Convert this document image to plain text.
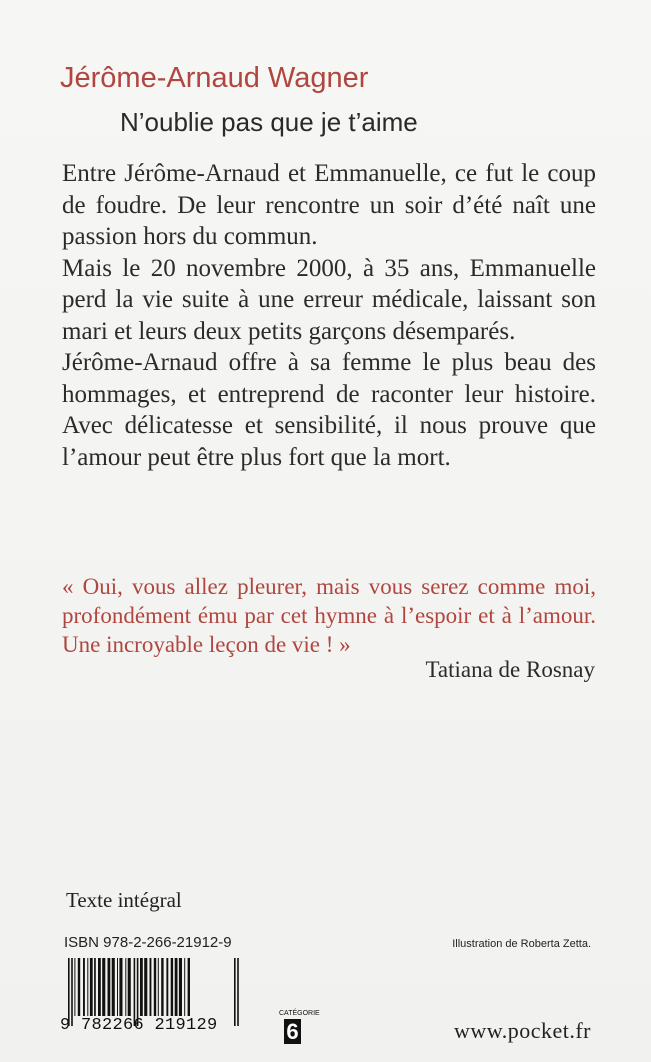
Jérôme-Arnaud Wagner
N’oublie pas que je t’aime

Entre Jérôme-Arnaud et Emmanuelle, ce fut le coup de foudre. De leur rencontre un soir d’été naît une passion hors du commun.

Mais le 20 novembre 2000, à 35 ans, Emmanuelle perd la vie suite à une erreur médicale, laissant son mari et leurs deux petits garçons désemparés.

Jérôme-Arnaud offre à sa femme le plus beau des hommages, et entreprend de raconter leur histoire. Avec délicatesse et sensibilité, il nous prouve que l’amour peut être plus fort que la mort.

« Oui, vous allez pleurer, mais vous serez comme moi, profondément ému par cet hymne à l’espoir et à l’amour. Une incroyable leçon de vie ! »
Tatiana de Rosnay
Texte intégral
ISBN 978-2-266-21912-9	Illustration de Roberta Zetta.
9 782266 219129
CATÉGORIE
6	www.pocket.fr
